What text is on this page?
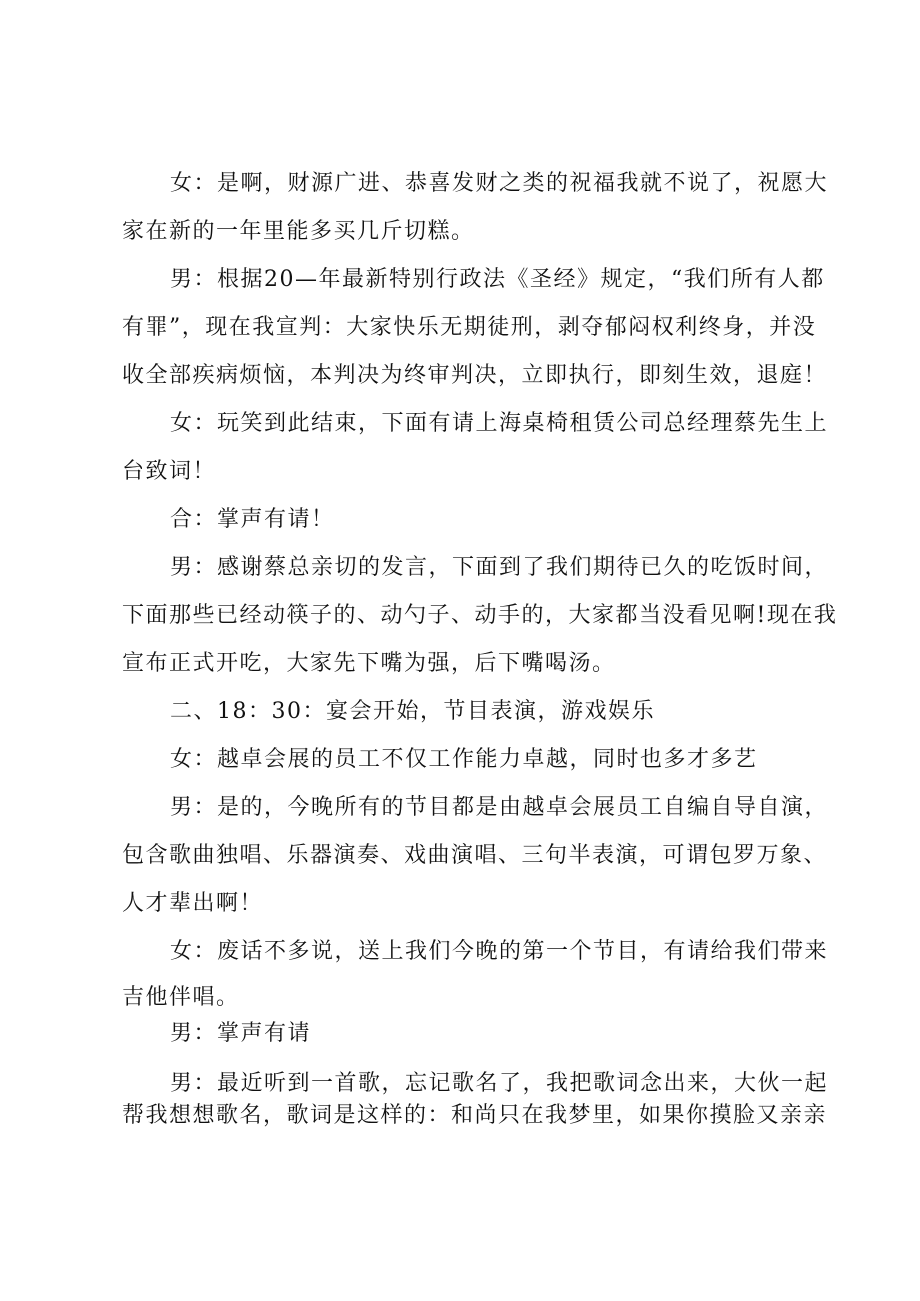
女：是啊，财源广进、恭喜发财之类的祝福我就不说了，祝愿大
家在新的一年里能多买几斤切糕。
男：根据20—年最新特别行政法《圣经》规定，“我们所有人都
有罪”，现在我宣判：大家快乐无期徒刑，剥夺郁闷权利终身，并没
收全部疾病烦恼，本判决为终审判决，立即执行，即刻生效，退庭！
女：玩笑到此结束，下面有请上海桌椅租赁公司总经理蔡先生上
台致词！
合：掌声有请！
男：感谢蔡总亲切的发言，下面到了我们期待已久的吃饭时间，
下面那些已经动筷子的、动勺子、动手的，大家都当没看见啊!现在我
宣布正式开吃，大家先下嘴为强，后下嘴喝汤。
二、18：30：宴会开始，节目表演，游戏娱乐
女：越卓会展的员工不仅工作能力卓越，同时也多才多艺
男：是的，今晚所有的节目都是由越卓会展员工自编自导自演，
包含歌曲独唱、乐器演奏、戏曲演唱、三句半表演，可谓包罗万象、
人才辈出啊！
女：废话不多说，送上我们今晚的第一个节目，有请给我们带来
吉他伴唱。
男：掌声有请
男：最近听到一首歌，忘记歌名了，我把歌词念出来，大伙一起
帮我想想歌名，歌词是这样的：和尚只在我梦里，如果你摸脸又亲亲
